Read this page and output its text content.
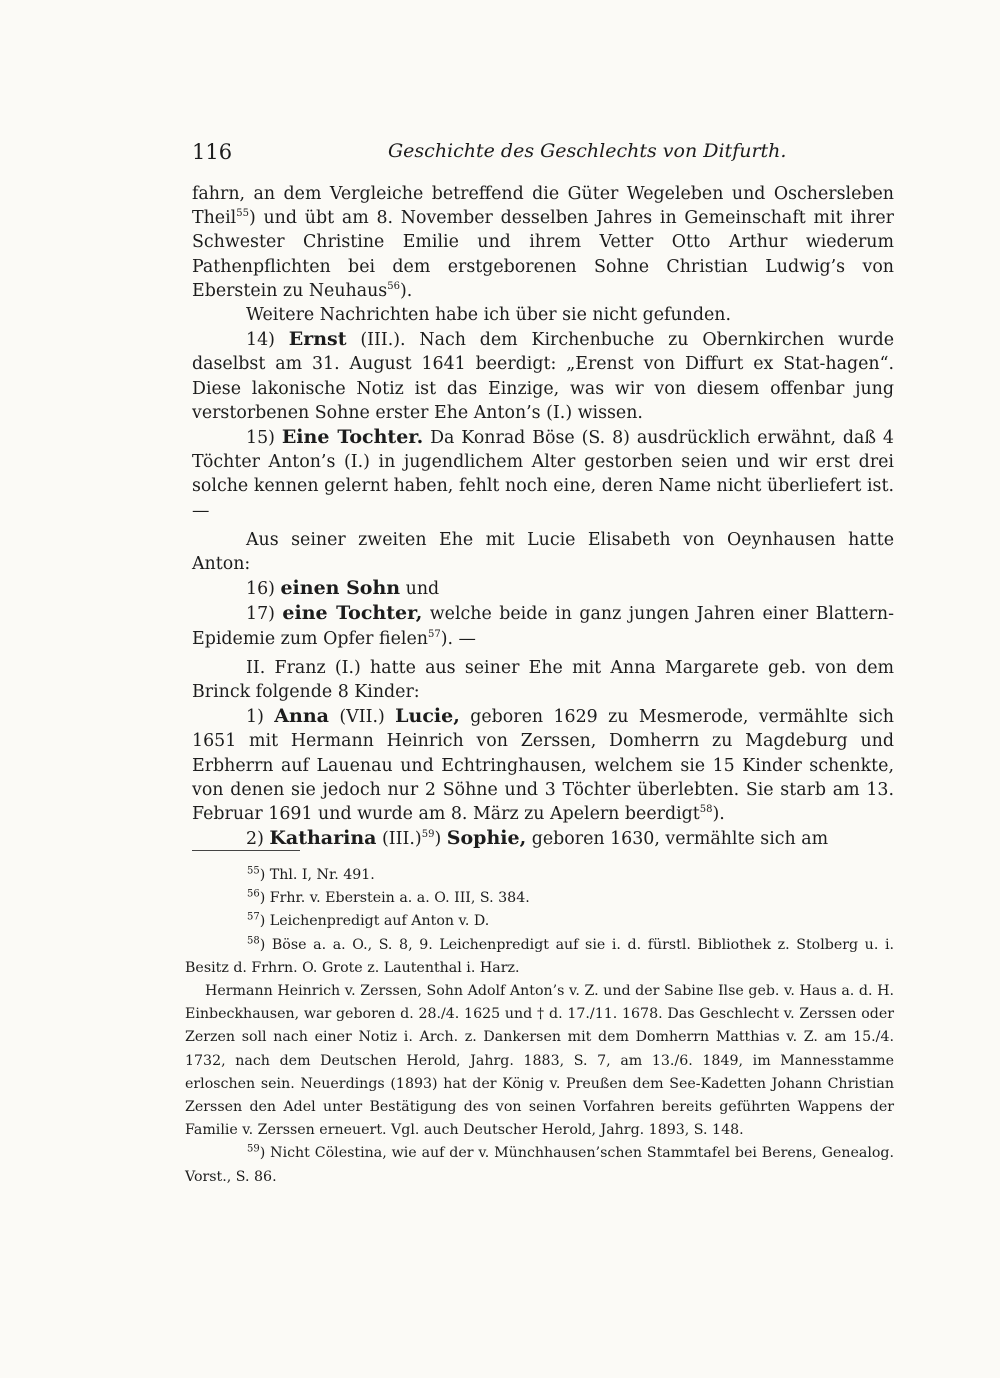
116	Geschichte des Geschlechts von Ditfurth.

fahrn, an dem Vergleiche betreffend die Güter Wegeleben und Oschersleben Theil$^{55}$) und übt am 8. November desselben Jahres in Gemeinschaft mit ihrer Schwester Christine Emilie und ihrem Vetter Otto Arthur wiederum Pathenpflichten bei dem erstgeborenen Sohne Christian Ludwig’s von Eberstein zu Neuhaus$^{56}$).

Weitere Nachrichten habe ich über sie nicht gefunden.

14) Ernst (III.). Nach dem Kirchenbuche zu Obernkirchen wurde daselbst am 31. August 1641 beerdigt: „Erenst von Diffurt ex Stat-hagen“. Diese lakonische Notiz ist das Einzige, was wir von diesem offenbar jung verstorbenen Sohne erster Ehe Anton’s (I.) wissen.

15) Eine Tochter. Da Konrad Böse (S. 8) ausdrücklich erwähnt, daß 4 Töchter Anton’s (I.) in jugendlichem Alter gestorben seien und wir erst drei solche kennen gelernt haben, fehlt noch eine, deren Name nicht überliefert ist. —

Aus seiner zweiten Ehe mit Lucie Elisabeth von Oeynhausen hatte Anton:

16) einen Sohn und

17) eine Tochter, welche beide in ganz jungen Jahren einer Blattern-Epidemie zum Opfer fielen$^{57}$). —

II. Franz (I.) hatte aus seiner Ehe mit Anna Margarete geb. von dem Brinck folgende 8 Kinder:

1) Anna (VII.) Lucie, geboren 1629 zu Mesmerode, vermählte sich 1651 mit Hermann Heinrich von Zerssen, Domherrn zu Magdeburg und Erbherrn auf Lauenau und Echtringhausen, welchem sie 15 Kinder schenkte, von denen sie jedoch nur 2 Söhne und 3 Töchter überlebten. Sie starb am 13. Februar 1691 und wurde am 8. März zu Apelern beerdigt$^{58}$).

2) Katharina $(III.)^{59}$) Sophie, geboren 1630, vermählte sich am

$^{55}$) Thl. I, Nr. 491.

$^{56}$) Frhr. v. Eberstein a. a. O. III, S. 384.

$^{57}$) Leichenpredigt auf Anton v. D.

$^{58}$) Böse a. a. O., S. 8, 9. Leichenpredigt auf sie i. d. fürstl. Bibliothek z. Stolberg u. i. Besitz d. Frhrn. O. Grote z. Lautenthal i. Harz.

Hermann Heinrich v. Zerssen, Sohn Adolf Anton’s v. Z. und der Sabine Ilse geb. v. Haus a. d. H. Einbeckhausen, war geboren d. 28./4. 1625 und † d. 17./11. 1678. Das Geschlecht v. Zerssen oder Zerzen soll nach einer Notiz i. Arch. z. Dankersen mit dem Domherrn Matthias v. Z. am 15./4. 1732, nach dem Deutschen Herold, Jahrg. 1883, S. 7, am 13./6. 1849, im Mannesstamme erloschen sein. Neuerdings (1893) hat der König v. Preußen dem See-Kadetten Johann Christian Zerssen den Adel unter Bestätigung des von seinen Vorfahren bereits geführten Wappens der Familie v. Zerssen erneuert. Vgl. auch Deutscher Herold, Jahrg. 1893, S. 148.

$^{59}$) Nicht Cölestina, wie auf der v. Münchhausen’schen Stammtafel bei Berens, Genealog. Vorst., S. 86.
